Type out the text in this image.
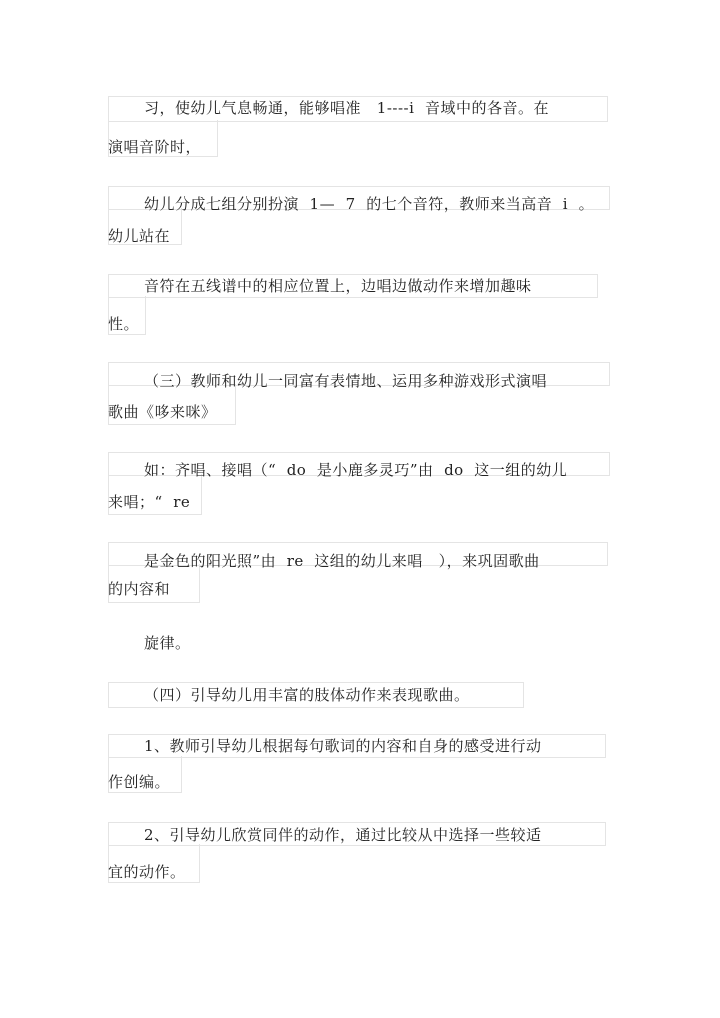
习，使幼儿气息畅通，能够唱准   1----i  音域中的各音。在
演唱音阶时，
幼儿分成七组分别扮演  1—  7  的七个音符，教师来当高音  i  。
幼儿站在
音符在五线谱中的相应位置上，边唱边做动作来增加趣味
性。
（三）教师和幼儿一同富有表情地、运用多种游戏形式演唱
歌曲《哆来咪》
如：齐唱、接唱（“  do  是小鹿多灵巧”由  do  这一组的幼儿
来唱；“  re
是金色的阳光照”由  re  这组的幼儿来唱   ），来巩固歌曲
的内容和
旋律。
（四）引导幼儿用丰富的肢体动作来表现歌曲。
1、教师引导幼儿根据每句歌词的内容和自身的感受进行动
作创编。
2、引导幼儿欣赏同伴的动作，通过比较从中选择一些较适
宜的动作。
